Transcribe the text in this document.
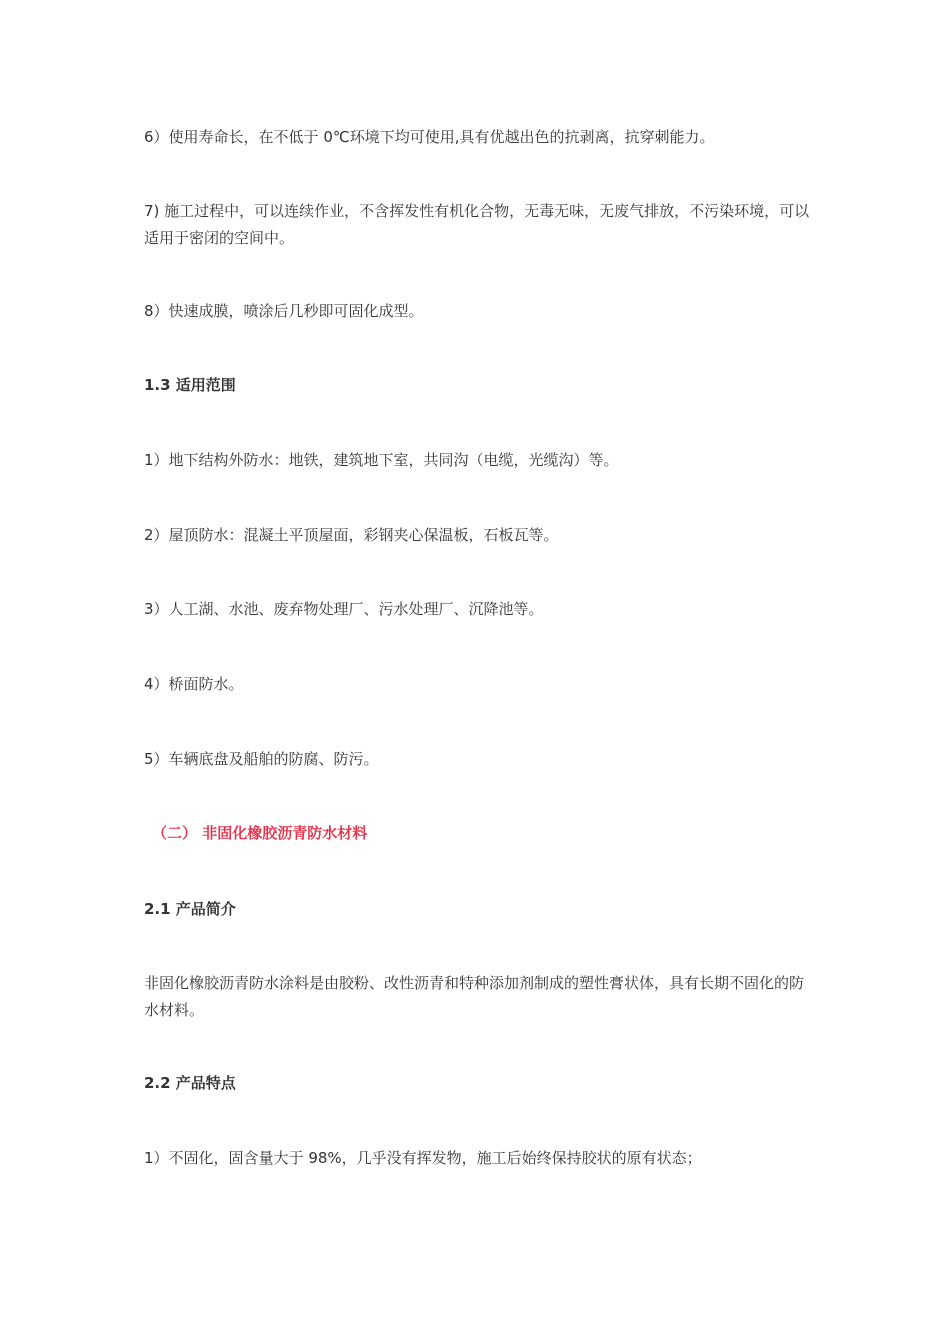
6）使用寿命长，在不低于 0℃环境下均可使用,具有优越出色的抗剥离，抗穿刺能力。

7) 施工过程中，可以连续作业，不含挥发性有机化合物，无毒无味，无废气排放，不污染环境，可以适用于密闭的空间中。

8）快速成膜，喷涂后几秒即可固化成型。

1.3 适用范围

1）地下结构外防水：地铁，建筑地下室，共同沟（电缆，光缆沟）等。

2）屋顶防水：混凝土平顶屋面，彩钢夹心保温板，石板瓦等。

3）人工湖、水池、废弃物处理厂、污水处理厂、沉降池等。

4）桥面防水。

5）车辆底盘及船舶的防腐、防污。

（二） 非固化橡胶沥青防水材料

2.1 产品简介

非固化橡胶沥青防水涂料是由胶粉、改性沥青和特种添加剂制成的塑性膏状体，具有长期不固化的防水材料。

2.2 产品特点

1）不固化，固含量大于 98%，几乎没有挥发物，施工后始终保持胶状的原有状态；
